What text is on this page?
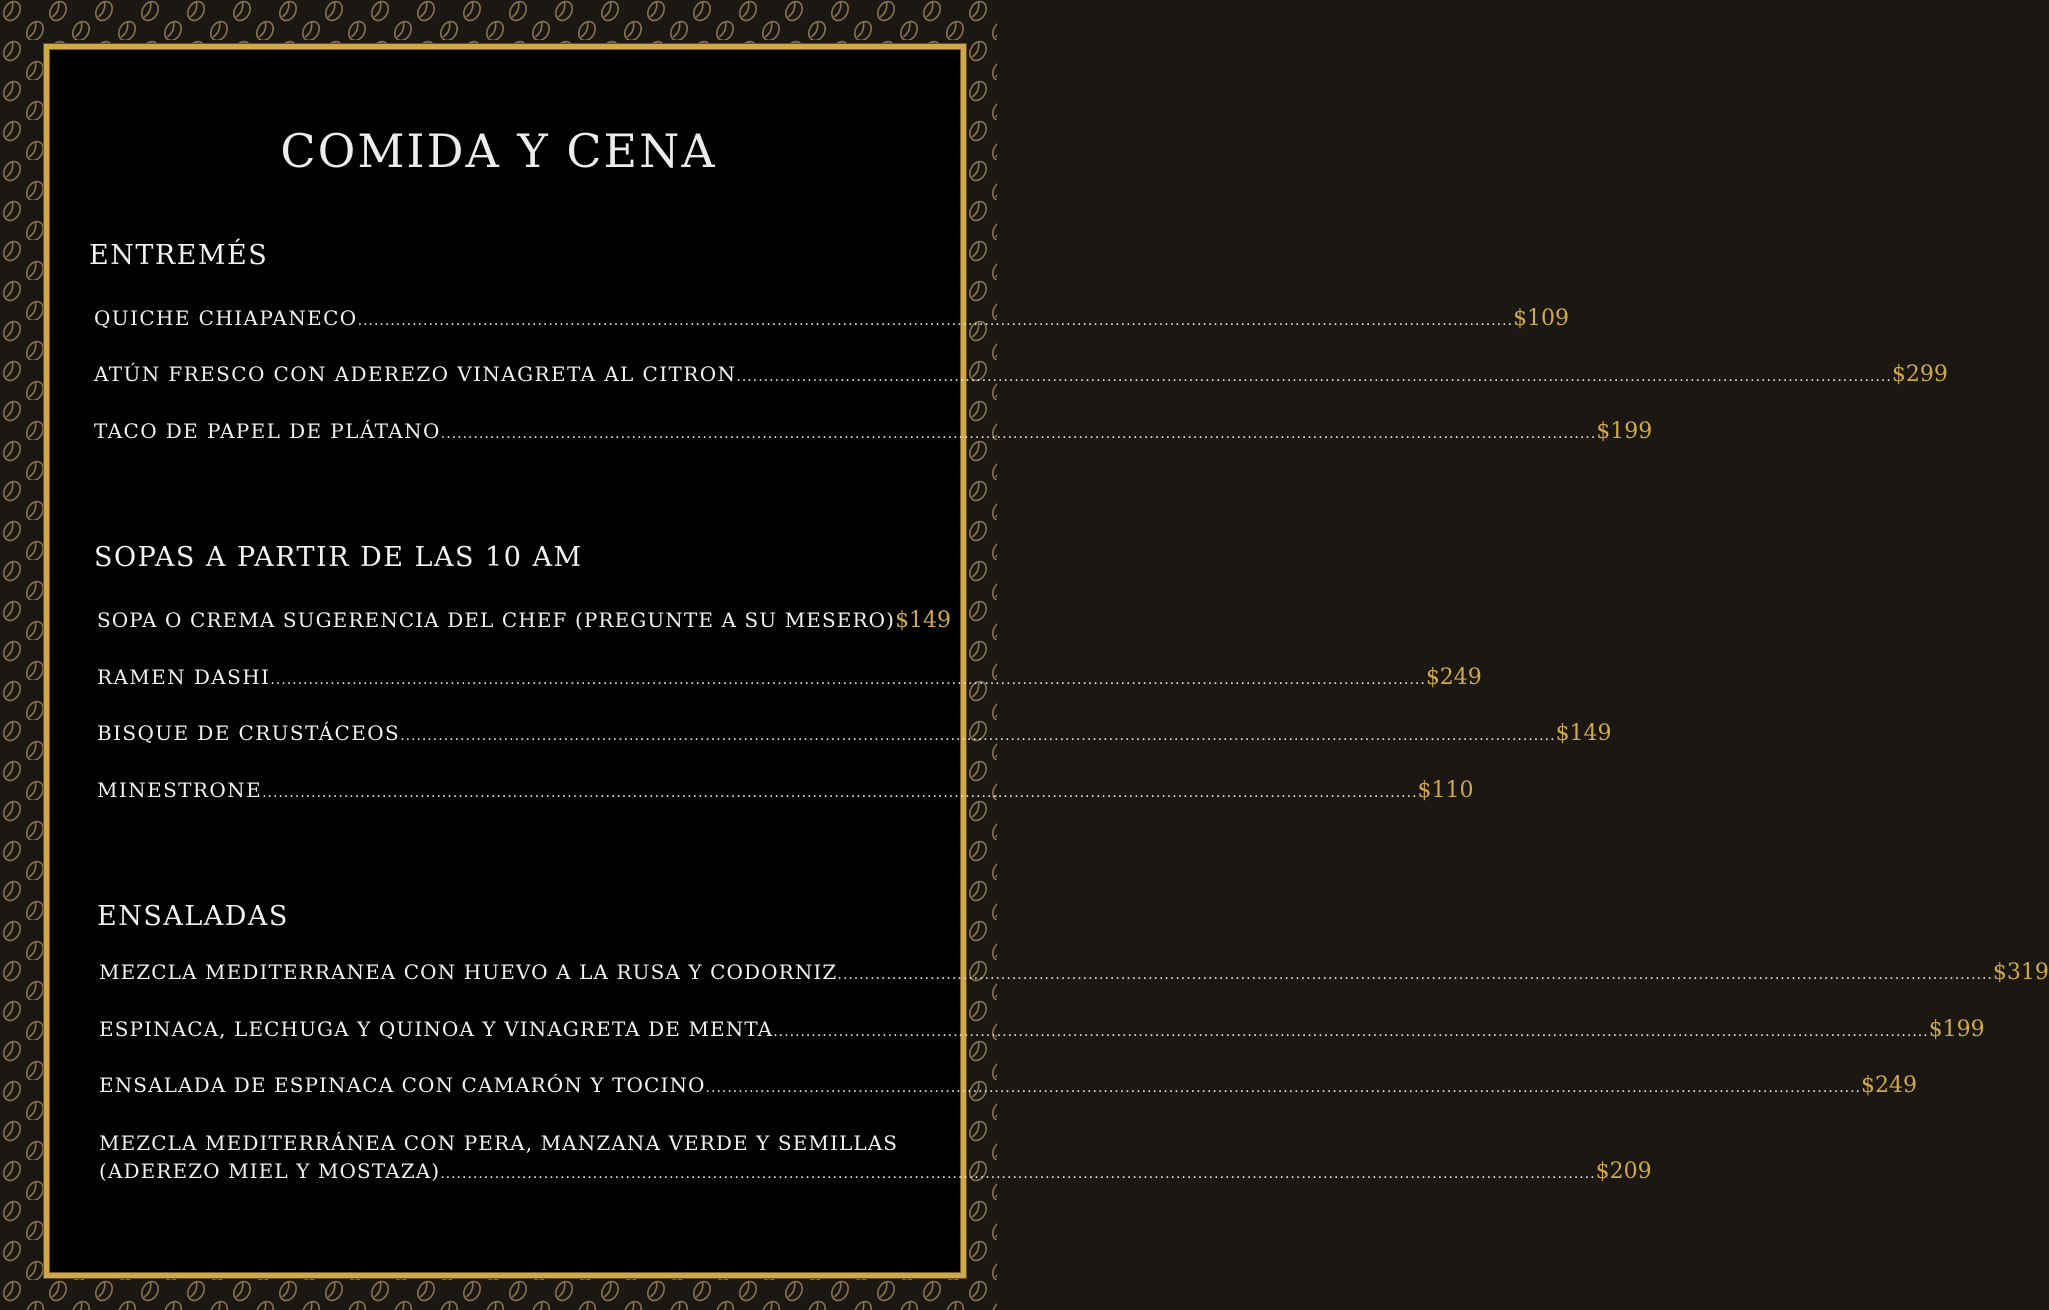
COMIDA Y CENA
ENTREMÉS
QUICHE CHIAPANECO .................................................................................................................................................................................................................... $109
ATÚN FRESCO CON ADEREZO VINAGRETA AL CITRON .................................................................................................................................................................................................................... $299
TACO DE PAPEL DE PLÁTANO .................................................................................................................................................................................................................... $199
SOPAS A PARTIR DE LAS 10 AM
SOPA O CREMA SUGERENCIA DEL CHEF (PREGUNTE A SU MESERO) $149
RAMEN DASHI .................................................................................................................................................................................................................... $249
BISQUE DE CRUSTÁCEOS .................................................................................................................................................................................................................... $149
MINESTRONE .................................................................................................................................................................................................................... $110
ENSALADAS
MEZCLA MEDITERRANEA CON HUEVO A LA RUSA Y CODORNIZ .................................................................................................................................................................................................................... $319
ESPINACA, LECHUGA Y QUINOA Y VINAGRETA DE MENTA .................................................................................................................................................................................................................... $199
ENSALADA DE ESPINACA CON CAMARÓN Y TOCINO .................................................................................................................................................................................................................... $249
MEZCLA MEDITERRÁNEA CON PERA, MANZANA VERDE Y SEMILLAS
(ADEREZO MIEL Y MOSTAZA) .................................................................................................................................................................................................................... $209
